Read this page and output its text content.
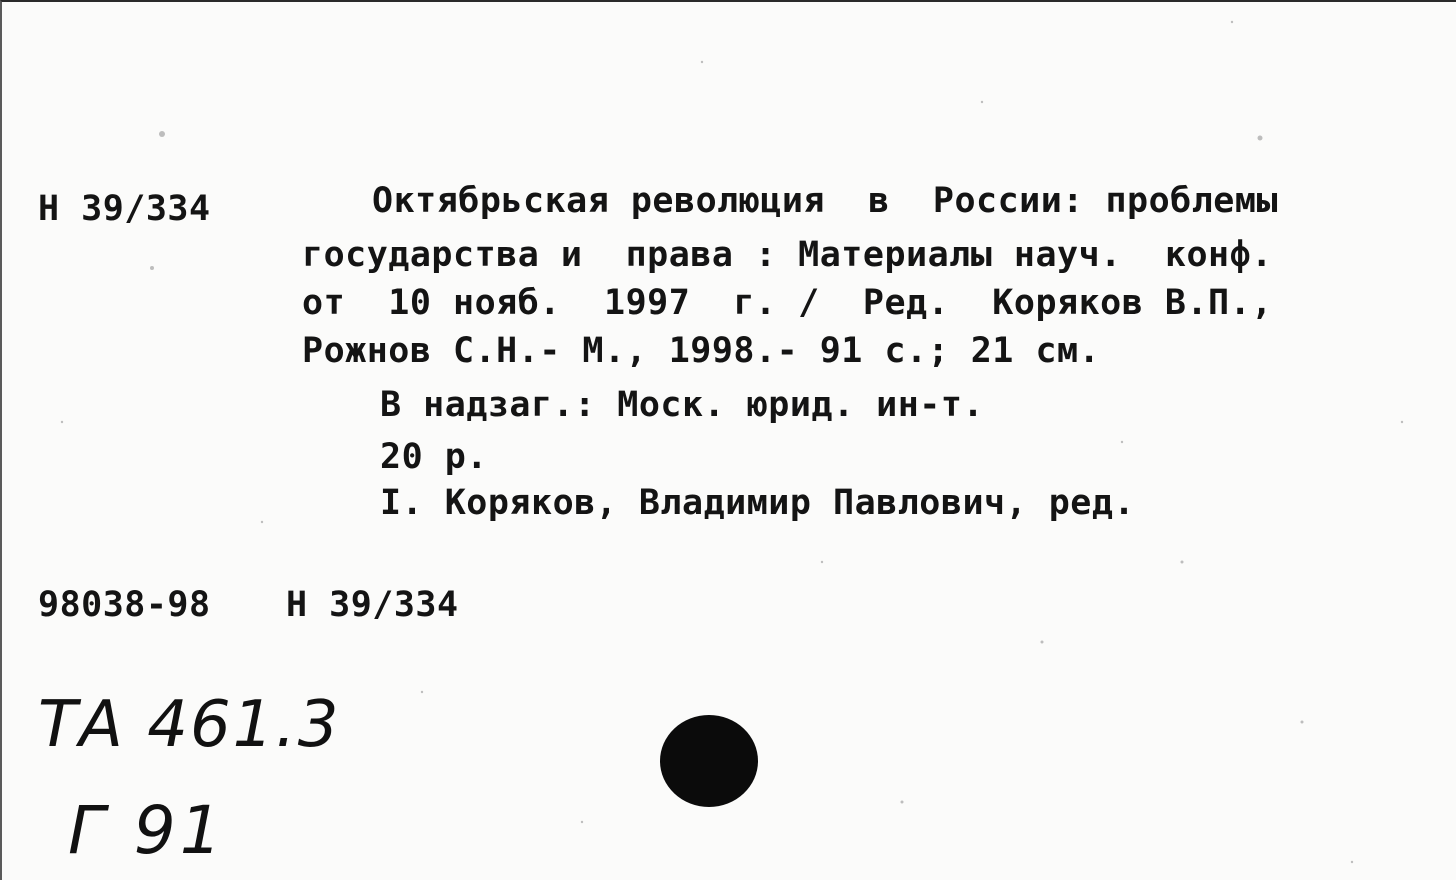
Н 39/334	Октябрьская революция  в  России: проблемы
государства и  права : Материалы науч.  конф.
от  10 нояб.  1997  г. /  Ред.  Коряков В.П.,
Рожнов С.Н.- М., 1998.- 91 с.; 21 см.
В надзаг.: Моск. юрид. ин-т.
20 р.
I. Коряков, Владимир Павлович, ред.
98038-98 Н 39/334
ТА 461.3
Г 91
